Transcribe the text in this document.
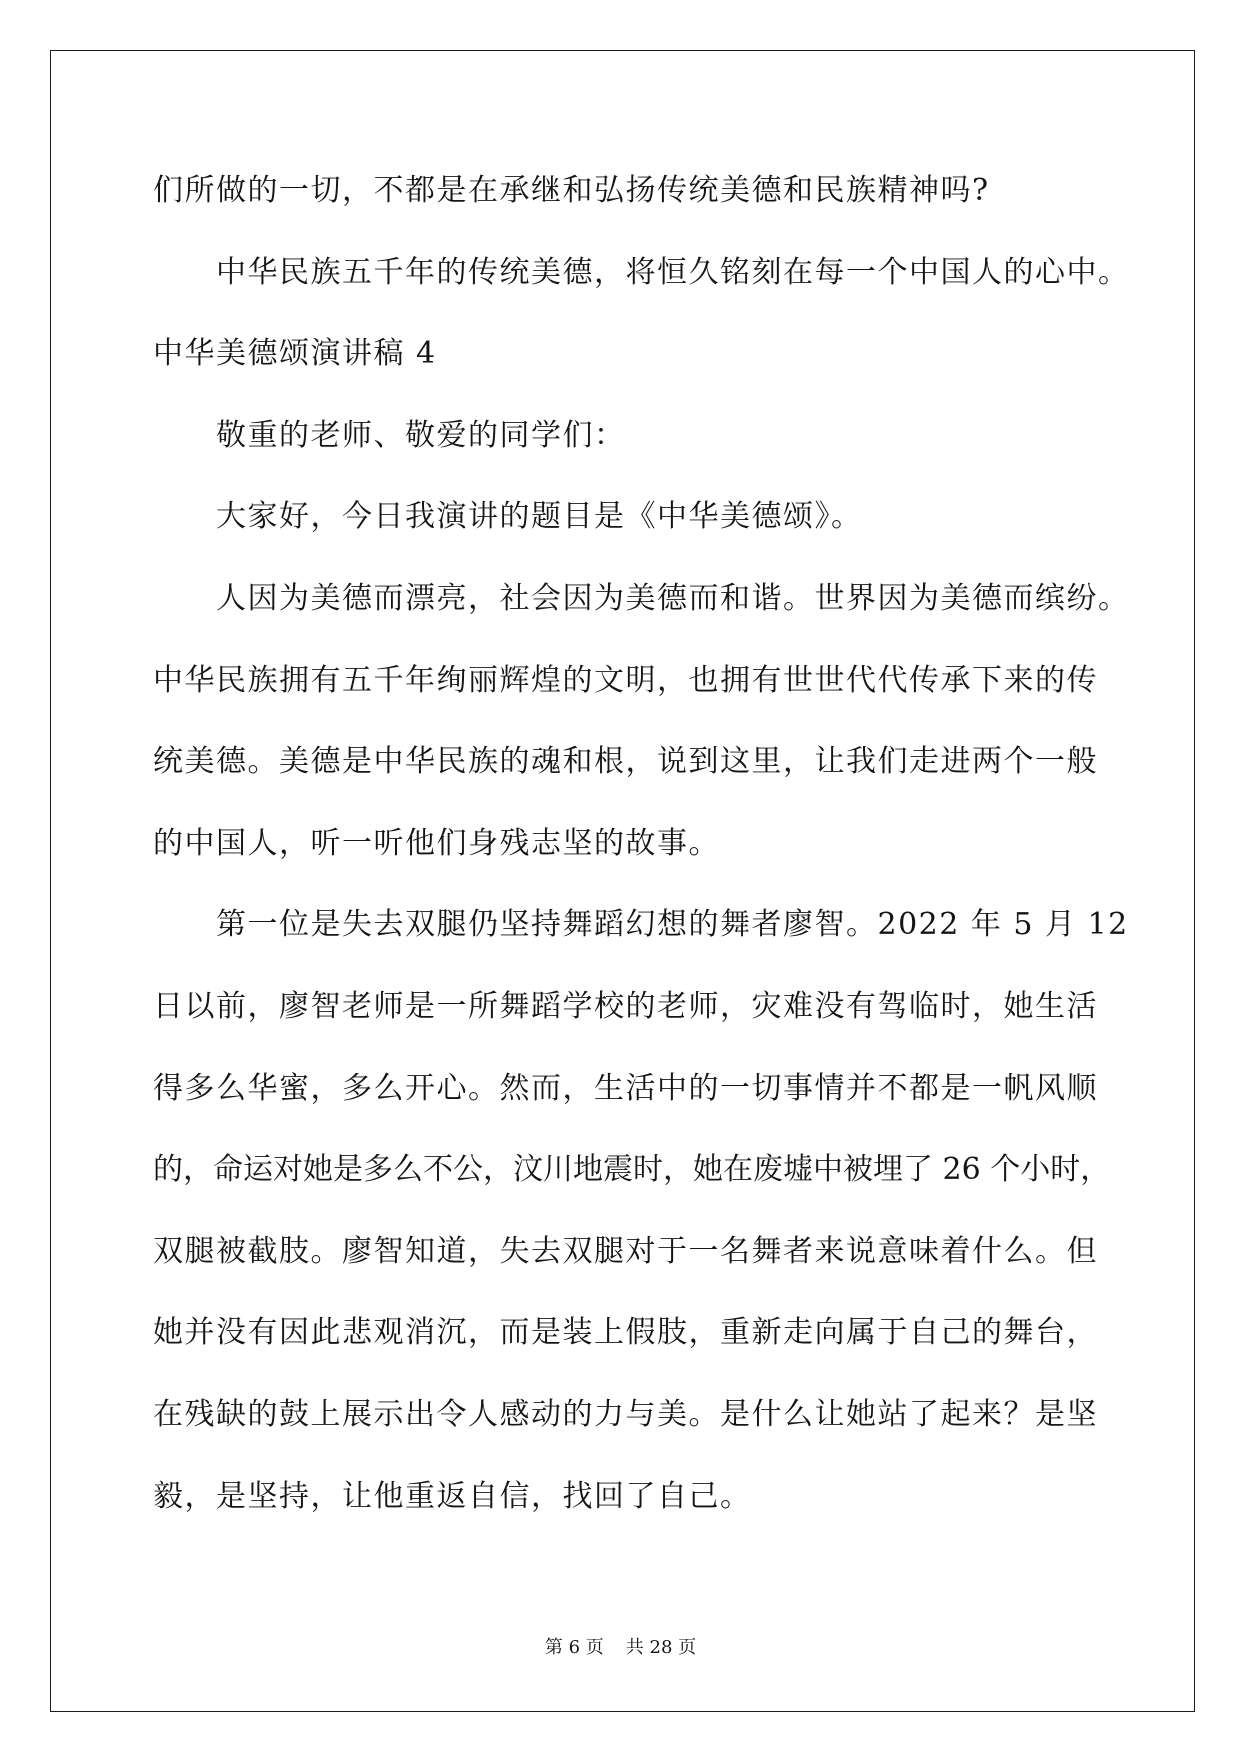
们所做的一切，不都是在承继和弘扬传统美德和民族精神吗?
中华民族五千年的传统美德，将恒久铭刻在每一个中国人的心中。
中华美德颂演讲稿 4
敬重的老师、敬爱的同学们：
大家好，今日我演讲的题目是《中华美德颂》。
人因为美德而漂亮，社会因为美德而和谐。世界因为美德而缤纷。
中华民族拥有五千年绚丽辉煌的文明，也拥有世世代代传承下来的传
统美德。美德是中华民族的魂和根，说到这里，让我们走进两个一般
的中国人，听一听他们身残志坚的故事。
第一位是失去双腿仍坚持舞蹈幻想的舞者廖智。2022 年 5 月 12
日以前，廖智老师是一所舞蹈学校的老师，灾难没有驾临时，她生活
得多么华蜜，多么开心。然而，生活中的一切事情并不都是一帆风顺
的，命运对她是多么不公，汶川地震时，她在废墟中被埋了 26 个小时，
双腿被截肢。廖智知道，失去双腿对于一名舞者来说意味着什么。但
她并没有因此悲观消沉，而是装上假肢，重新走向属于自己的舞台，
在残缺的鼓上展示出令人感动的力与美。是什么让她站了起来？是坚
毅，是坚持，让他重返自信，找回了自己。
第 6 页 共 28 页
